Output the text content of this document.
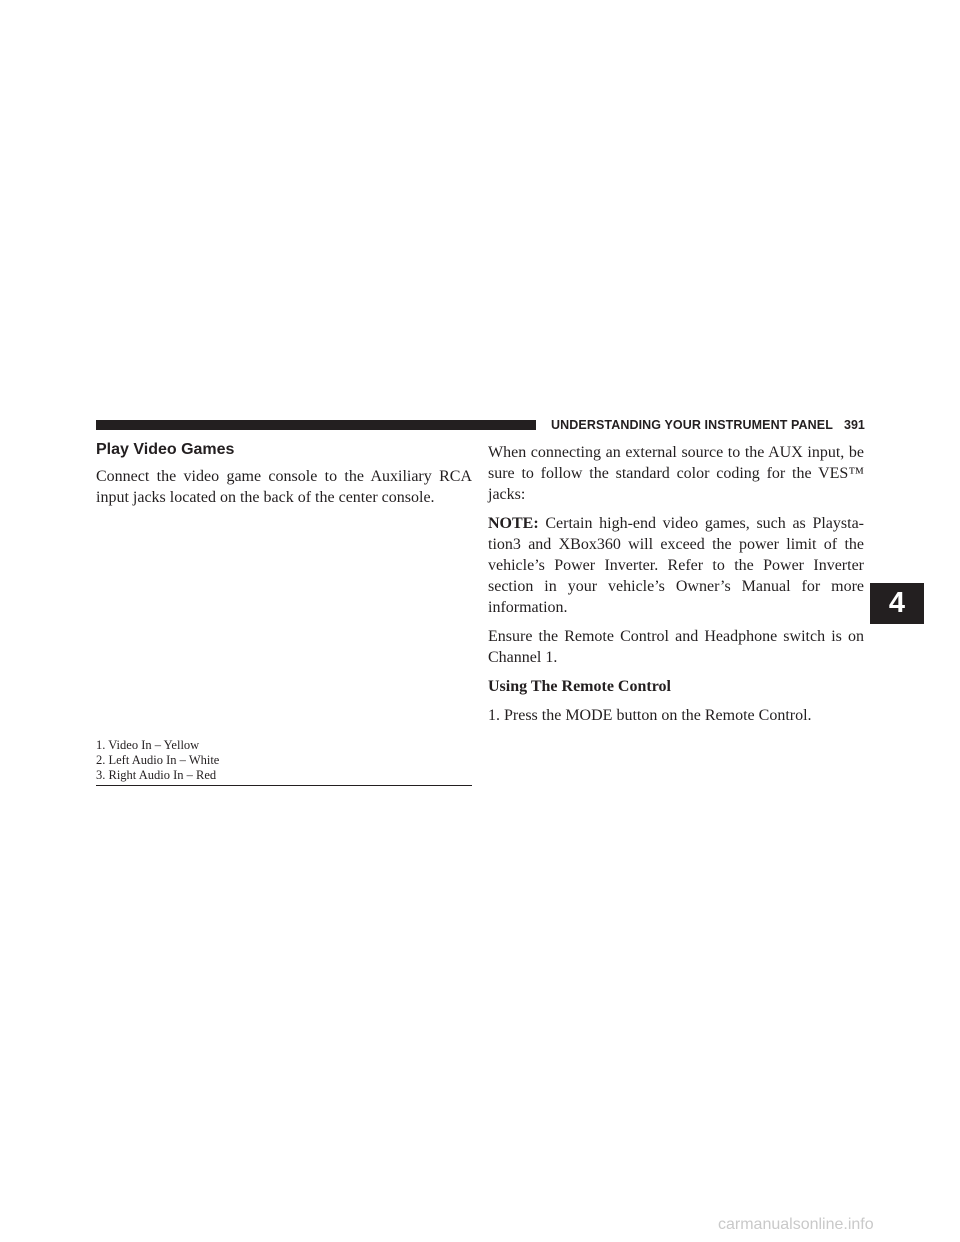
UNDERSTANDING YOUR INSTRUMENT PANEL 391
Play Video Games

Connect the video game console to the Auxiliary RCA input jacks located on the back of the center console.

1. Video In – Yellow
2. Left Audio In – White
3. Right Audio In – Red

When connecting an external source to the AUX input, be sure to follow the standard color coding for the VES™ jacks:

NOTE: Certain high-end video games, such as Playsta-tion3 and XBox360 will exceed the power limit of the vehicle’s Power Inverter. Refer to the Power Inverter section in your vehicle’s Owner’s Manual for more information.

Ensure the Remote Control and Headphone switch is on Channel 1.

Using The Remote Control

1. Press the MODE button on the Remote Control.

4
carmanualsonline.info
